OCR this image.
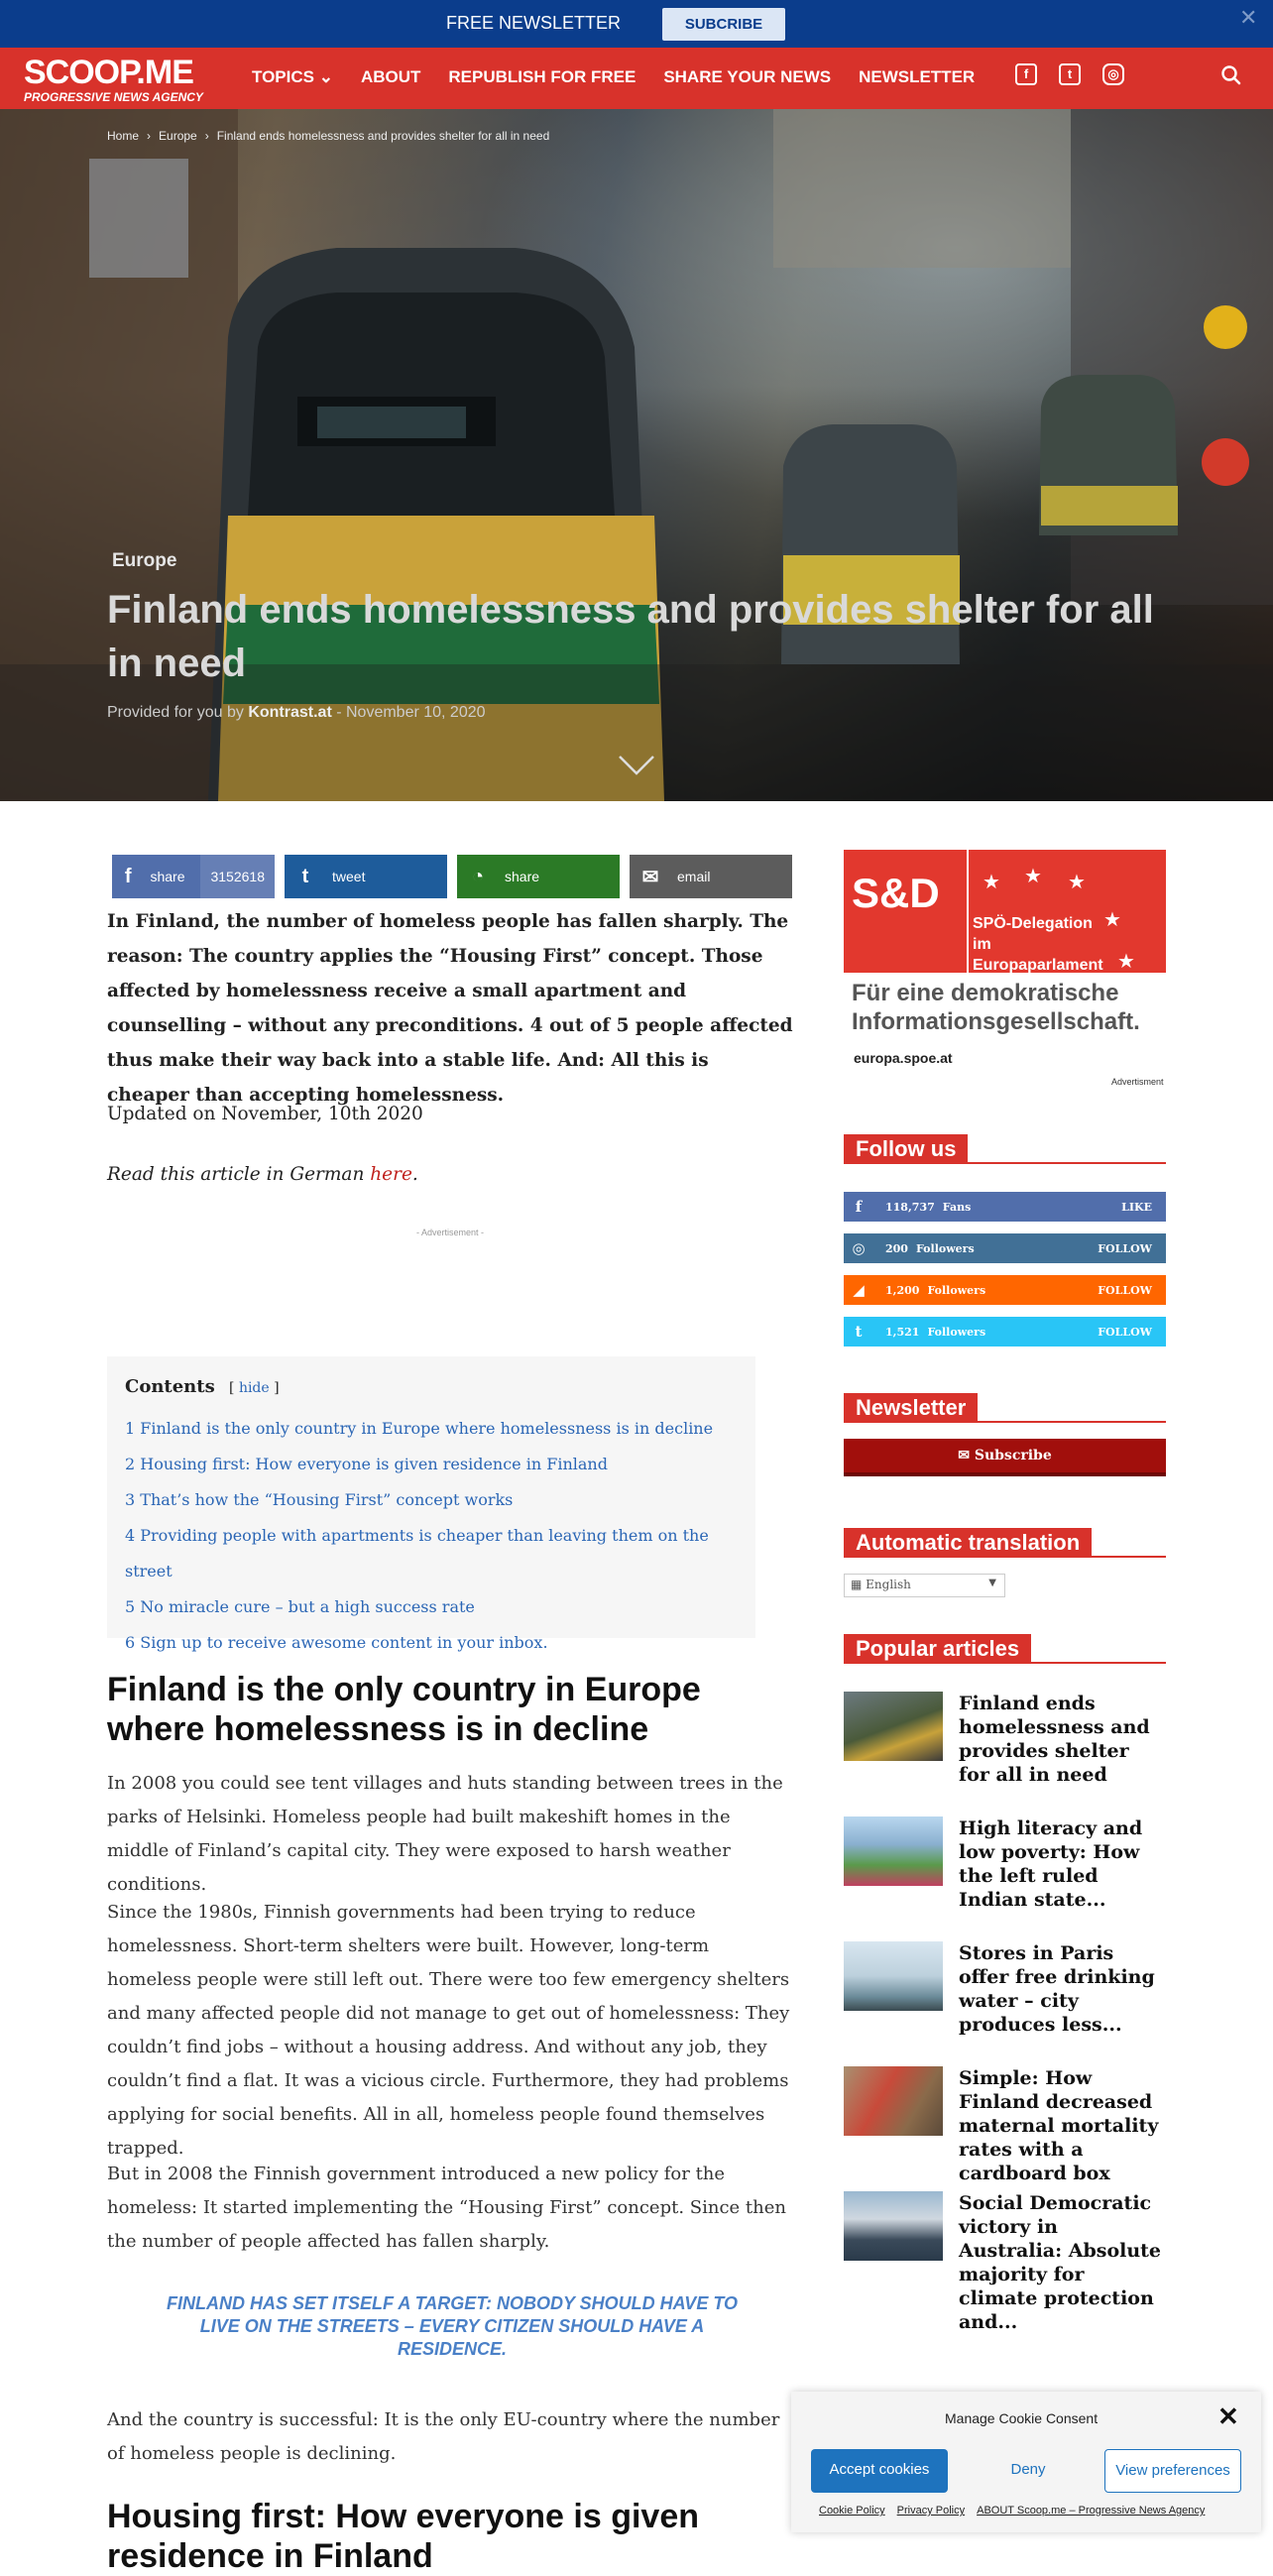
FREE NEWSLETTER	SUBCRIBE	✕
SCOOP.ME
PROGRESSIVE NEWS AGENCY
TOPICS ⌄ ABOUT REPUBLISH FOR FREE SHARE YOUR NEWS NEWSLETTER	f	t	◎
Home › Europe › Finland ends homelessness and provides shelter for all in need
Europe
Finland ends homelessness and provides shelter for all in need
Provided for you by Kontrast.at - November 10, 2020
f	share	3152618	t	tweet	◔	share	✉	email

In Finland, the number of homeless people has fallen sharply. The reason: The country applies the “Housing First” concept. Those affected by homelessness receive a small apartment and counselling – without any preconditions. 4 out of 5 people affected thus make their way back into a stable life. And: All this is cheaper than accepting homelessness.

Updated on November, 10th 2020

Read this article in German here.

- Advertisement -
Contents [ hide ]
1 Finland is the only country in Europe where homelessness is in decline
2 Housing first: How everyone is given residence in Finland
3 That’s how the “Housing First” concept works
4 Providing people with apartments is cheaper than leaving them on the street
5 No miracle cure – but a high success rate
6 Sign up to receive awesome content in your inbox.
Finland is the only country in Europe where homelessness is in decline

In 2008 you could see tent villages and huts standing between trees in the parks of Helsinki. Homeless people had built makeshift homes in the middle of Finland’s capital city. They were exposed to harsh weather conditions.

Since the 1980s, Finnish governments had been trying to reduce homelessness. Short-term shelters were built. However, long-term homeless people were still left out. There were too few emergency shelters and many affected people did not manage to get out of homelessness: They couldn’t find jobs – without a housing address. And without any job, they couldn’t find a flat. It was a vicious circle. Furthermore, they had problems applying for social benefits. All in all, homeless people found themselves trapped.

But in 2008 the Finnish government introduced a new policy for the homeless: It started implementing the “Housing First” concept. Since then the number of people affected has fallen sharply.

FINLAND HAS SET ITSELF A TARGET: NOBODY SHOULD HAVE TO LIVE ON THE STREETS – EVERY CITIZEN SHOULD HAVE A RESIDENCE.

And the country is successful: It is the only EU-country where the number of homeless people is declining.

Housing first: How everyone is given residence in Finland
S&D ★ ★ ★
★
★
SPÖ-Delegation im Europaparlament
Für eine demokratische Informationsgesellschaft.
europa.spoe.at
Advertisment
Follow us
f	118,737 Fans	LIKE
◎	200 Followers	FOLLOW
◢	1,200 Followers	FOLLOW
t	1,521 Followers	FOLLOW
Newsletter
✉ Subscribe
Automatic translation
▦ English	▼
Popular articles
Finland ends homelessness and provides shelter for all in need
High literacy and low poverty: How the left ruled Indian state...
Stores in Paris offer free drinking water – city produces less...
Simple: How Finland decreased maternal mortality rates with a cardboard box
Social Democratic victory in Australia: Absolute majority for climate protection and...
Manage Cookie Consent	✕
Accept cookies	Deny	View preferences
Cookie Policy Privacy Policy ABOUT Scoop.me – Progressive News Agency
